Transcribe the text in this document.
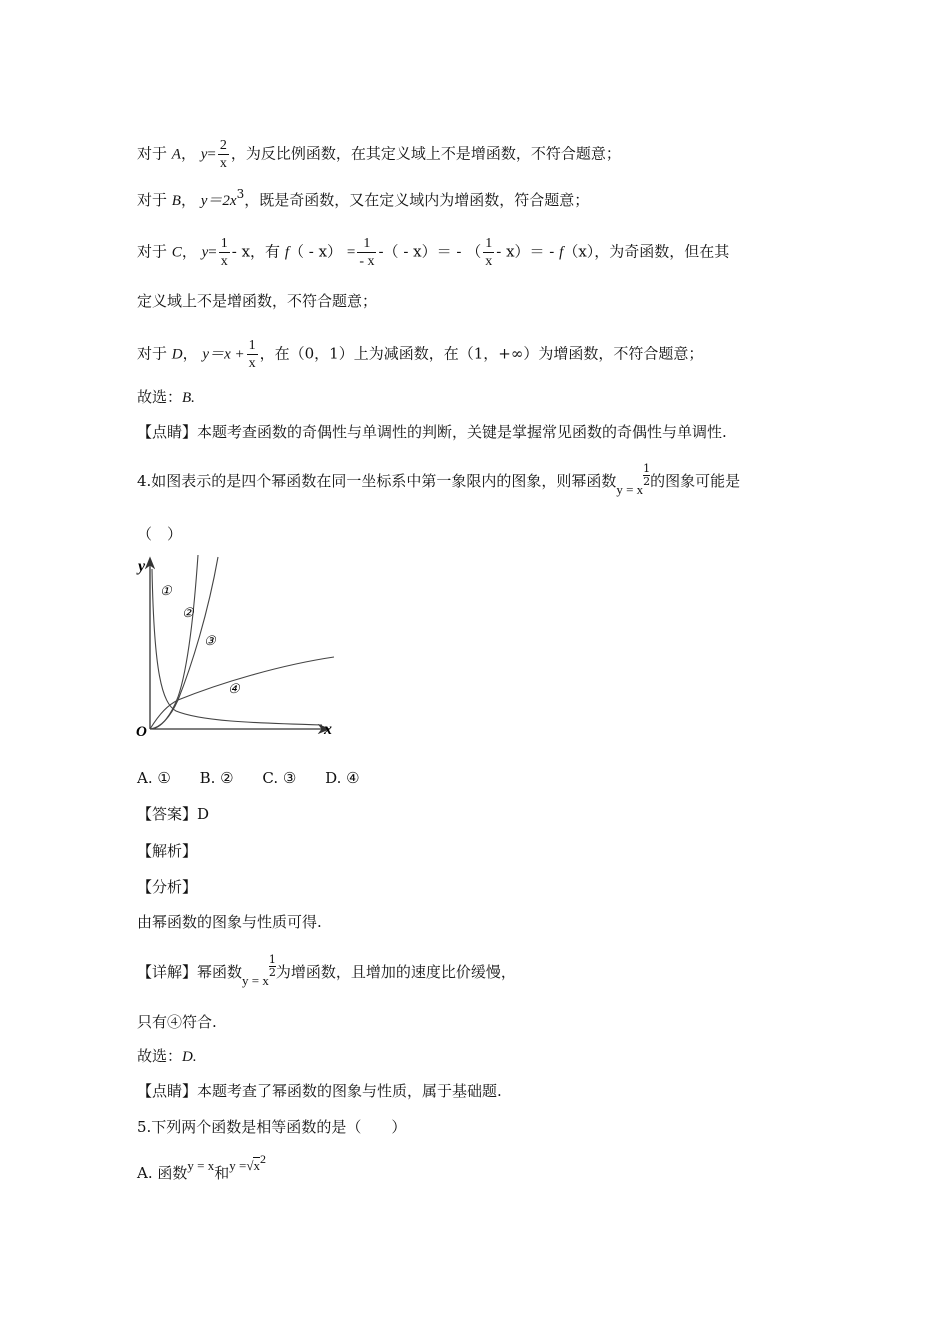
对于 A， $y= \frac{2}{x}$ ，为反比例函数，在其定义域上不是增函数，不符合题意；
对于 B， $y=2x^3$，既是奇函数，又在定义域内为增函数，符合题意；
对于 C， $y= \frac{1}{x} - x$，有 $f( - x) = \frac{1}{- x}$ -（ - x）＝ - （ $\frac{1}{x} - x)= - f(x)$，为奇函数，但在其
定义域上不是增函数，不符合题意；
对于 D， $y=x + \frac{1}{x}$ ，在（0，1）上为减函数，在（1，+∞）为增函数，不符合题意；
故选：B.
【点睛】本题考查函数的奇偶性与单调性的判断，关键是掌握常见函数的奇偶性与单调性.
4.如图表示的是四个幂函数在同一坐标系中第一象限内的图象，则幂函数y = x
$\frac{1}{2}$ 的图象可能是
（　）
y
x
O
①
②
③
④
A. ① B. ② C. ③ D. ④
【答案】D
【解析】
【分析】
由幂函数的图象与性质可得.
【详解】幂函数y = x
$\frac{1}{2}$ 为增函数，且增加的速度比价缓慢，
只有④符合.
故选：D.
【点睛】本题考查了幂函数的图象与性质，属于基础题.
5.下列两个函数是相等函数的是（　　）
A. 函数y = x和y =√x2
